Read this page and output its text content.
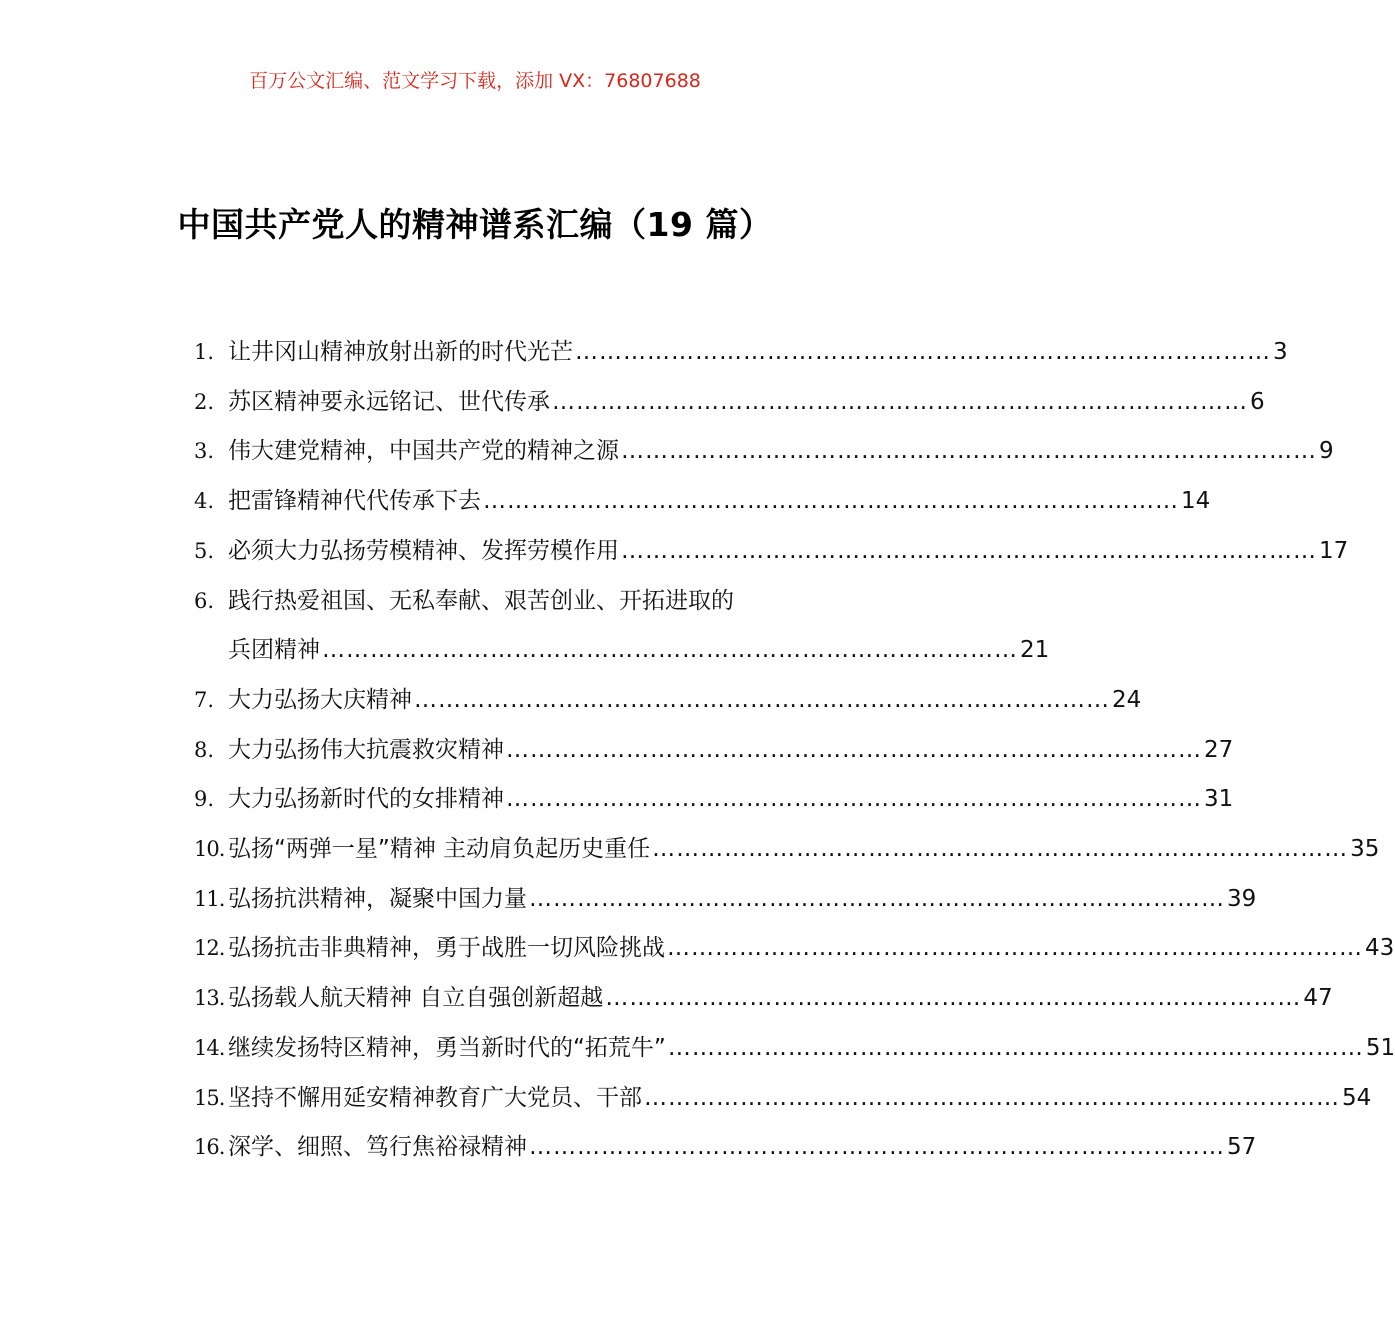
百万公文汇编、范文学习下载，添加 VX：76807688
中国共产党人的精神谱系汇编（19 篇）
1. 让井冈山精神放射出新的时代光芒 …………………………………………………………………………… 3
2. 苏区精神要永远铭记、世代传承 …………………………………………………………………………… 6
3. 伟大建党精神，中国共产党的精神之源 …………………………………………………………………………… 9
4. 把雷锋精神代代传承下去 …………………………………………………………………………… 14
5. 必须大力弘扬劳模精神、发挥劳模作用 …………………………………………………………………………… 17
6. 践行热爱祖国、无私奉献、艰苦创业、开拓进取的
兵团精神 …………………………………………………………………………… 21
7. 大力弘扬大庆精神 …………………………………………………………………………… 24
8. 大力弘扬伟大抗震救灾精神 …………………………………………………………………………… 27
9. 大力弘扬新时代的女排精神 …………………………………………………………………………… 31
10. 弘扬“两弹一星”精神 主动肩负起历史重任 …………………………………………………………………………… 35
11. 弘扬抗洪精神，凝聚中国力量 …………………………………………………………………………… 39
12. 弘扬抗击非典精神，勇于战胜一切风险挑战 …………………………………………………………………………… 43
13. 弘扬载人航天精神 自立自强创新超越 …………………………………………………………………………… 47
14. 继续发扬特区精神，勇当新时代的“拓荒牛” …………………………………………………………………………… 51
15. 坚持不懈用延安精神教育广大党员、干部 …………………………………………………………………………… 54
16. 深学、细照、笃行焦裕禄精神 …………………………………………………………………………… 57
